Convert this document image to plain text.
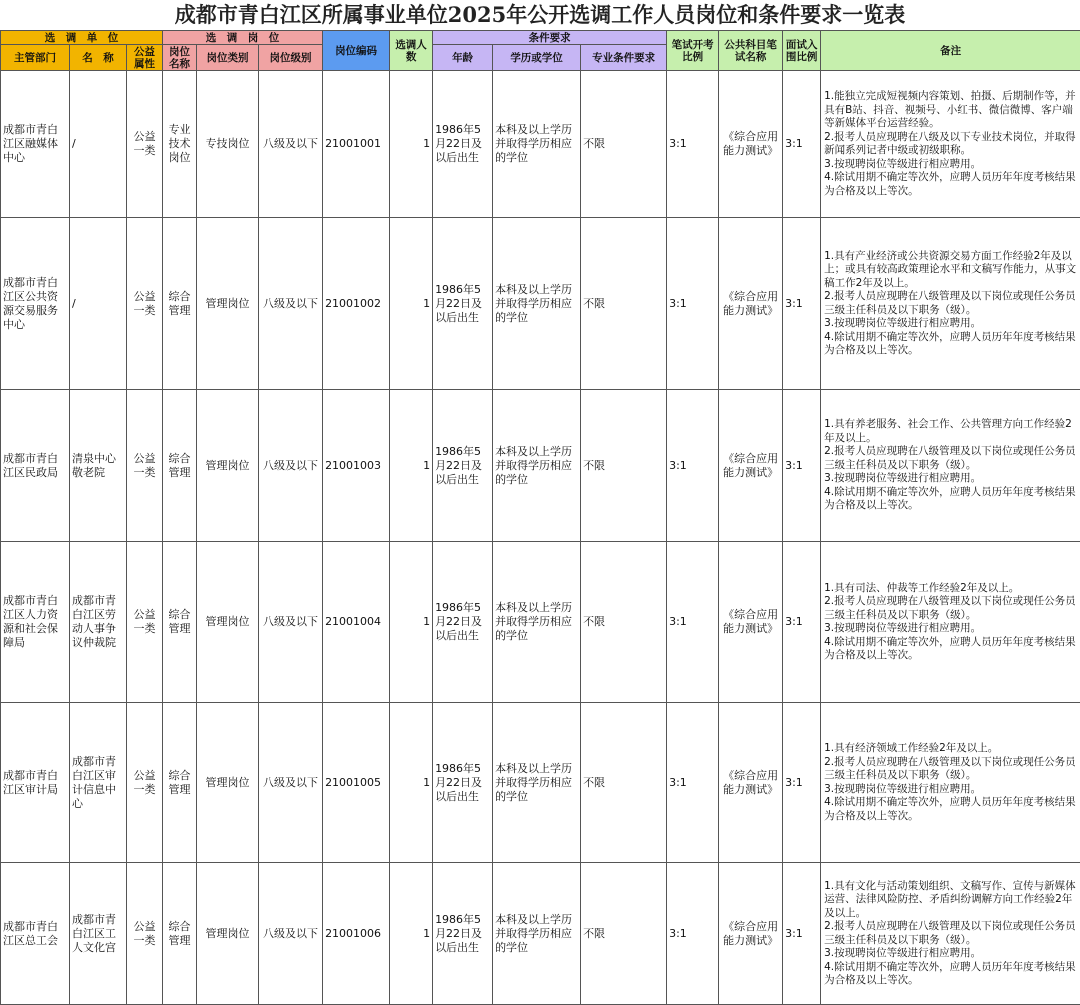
成都市青白江区所属事业单位2025年公开选调工作人员岗位和条件要求一览表
选　调　单　位			选　调　岗　位			岗位编码	选调人数	条件要求			笔试开考比例	公共科目笔试名称	面试入围比例	备注
主管部门	名　称	公益属性	岗位名称	岗位类别	岗位级别			年龄	学历或学位	专业条件要求				
成都市青白江区融媒体中心	/	公益一类	专业技术岗位	专技岗位	八级及以下	21001001	1	1986年5月22日及以后出生	本科及以上学历并取得学历相应的学位	不限	3:1	《综合应用能力测试》	3:1	1.能独立完成短视频内容策划、拍摄、后期制作等，并具有B站、抖音、视频号、小红书、微信微博、客户端等新媒体平台运营经验。
2.报考人员应现聘在八级及以下专业技术岗位，并取得新闻系列记者中级或初级职称。
3.按现聘岗位等级进行相应聘用。
4.除试用期不确定等次外，应聘人员历年年度考核结果为合格及以上等次。

成都市青白江区公共资源交易服务中心	/	公益一类	综合管理	管理岗位	八级及以下	21001002	1	1986年5月22日及以后出生	本科及以上学历并取得学历相应的学位	不限	3:1	《综合应用能力测试》	3:1	1.具有产业经济或公共资源交易方面工作经验2年及以上；或具有较高政策理论水平和文稿写作能力，从事文稿工作2年及以上。
2.报考人员应现聘在八级管理及以下岗位或现任公务员三级主任科员及以下职务（级）。
3.按现聘岗位等级进行相应聘用。
4.除试用期不确定等次外，应聘人员历年年度考核结果为合格及以上等次。

成都市青白江区民政局	清泉中心敬老院	公益一类	综合管理	管理岗位	八级及以下	21001003	1	1986年5月22日及以后出生	本科及以上学历并取得学历相应的学位	不限	3:1	《综合应用能力测试》	3:1	1.具有养老服务、社会工作、公共管理方向工作经验2年及以上。
2.报考人员应现聘在八级管理及以下岗位或现任公务员三级主任科员及以下职务（级）。
3.按现聘岗位等级进行相应聘用。
4.除试用期不确定等次外，应聘人员历年年度考核结果为合格及以上等次。

成都市青白江区人力资源和社会保障局	成都市青白江区劳动人事争议仲裁院	公益一类	综合管理	管理岗位	八级及以下	21001004	1	1986年5月22日及以后出生	本科及以上学历并取得学历相应的学位	不限	3:1	《综合应用能力测试》	3:1	1.具有司法、仲裁等工作经验2年及以上。
2.报考人员应现聘在八级管理及以下岗位或现任公务员三级主任科员及以下职务（级）。
3.按现聘岗位等级进行相应聘用。
4.除试用期不确定等次外，应聘人员历年年度考核结果为合格及以上等次。

成都市青白江区审计局	成都市青白江区审计信息中心	公益一类	综合管理	管理岗位	八级及以下	21001005	1	1986年5月22日及以后出生	本科及以上学历并取得学历相应的学位	不限	3:1	《综合应用能力测试》	3:1	1.具有经济领域工作经验2年及以上。
2.报考人员应现聘在八级管理及以下岗位或现任公务员三级主任科员及以下职务（级）。
3.按现聘岗位等级进行相应聘用。
4.除试用期不确定等次外，应聘人员历年年度考核结果为合格及以上等次。

成都市青白江区总工会	成都市青白江区工人文化宫	公益一类	综合管理	管理岗位	八级及以下	21001006	1	1986年5月22日及以后出生	本科及以上学历并取得学历相应的学位	不限	3:1	《综合应用能力测试》	3:1	1.具有文化与活动策划组织、文稿写作、宣传与新媒体运营、法律风险防控、矛盾纠纷调解方向工作经验2年及以上。
2.报考人员应现聘在八级管理及以下岗位或现任公务员三级主任科员及以下职务（级）。
3.按现聘岗位等级进行相应聘用。
4.除试用期不确定等次外，应聘人员历年年度考核结果为合格及以上等次。
